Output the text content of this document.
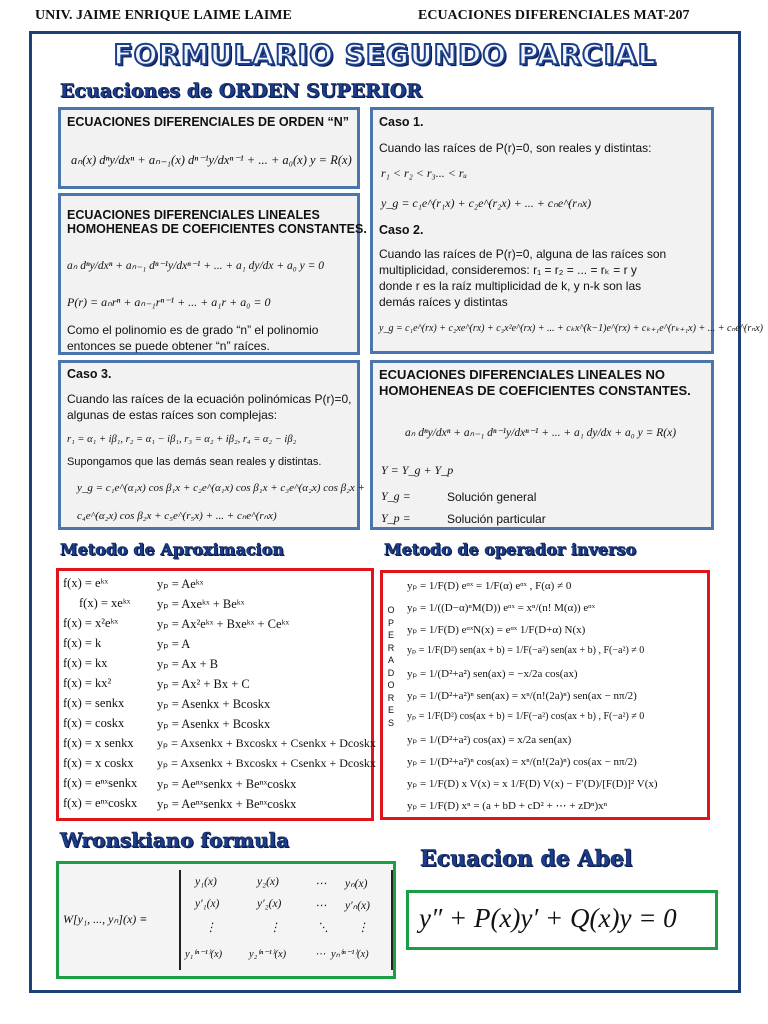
UNIV. JAIME ENRIQUE LAIME LAIME	ECUACIONES DIFERENCIALES MAT-207
FORMULARIO SEGUNDO PARCIAL
Ecuaciones de ORDEN SUPERIOR
ECUACIONES DIFERENCIALES DE ORDEN “N”
aₙ(x) dⁿy/dxⁿ + aₙ₋₁(x) dⁿ⁻¹y/dxⁿ⁻¹ + ... + a₀(x) y = R(x)
ECUACIONES DIFERENCIALES LINEALES
HOMOHENEAS DE COEFICIENTES CONSTANTES.
aₙ dⁿy/dxⁿ + aₙ₋₁ dⁿ⁻¹y/dxⁿ⁻¹ + ... + a₁ dy/dx + a₀ y = 0
P(r) = aₙrⁿ + aₙ₋₁rⁿ⁻¹ + ... + a₁r + a₀ = 0
Como el polinomio es de grado “n” el polinomio
entonces se puede obtener “n” raíces.
Caso 1.
Cuando las raíces de P(r)=0, son reales y distintas:
r₁ < r₂ < r₃... < rᵤ
y_g = c₁e^(r₁x) + c₂e^(r₂x) + ... + cₙe^(rₙx)
Caso 2.
Cuando las raíces de P(r)=0, alguna de las raíces son
multiplicidad, consideremos: r₁ = r₂ = ... = rₖ = r y
donde r es la raíz multiplicidad de k, y n-k son las
demás raíces y distintas
y_g = c₁e^(rx) + c₂xe^(rx) + c₃x²e^(rx) + ... + cₖx^(k−1)e^(rx) + cₖ₊₁e^(rₖ₊₁x) + ... + cₙe^(rₙx)
Caso 3.
Cuando las raíces de la ecuación polinómicas P(r)=0,
algunas de estas raíces son complejas:
r₁ = α₁ + iβ₁, r₂ = α₁ − iβ₁, r₃ = α₂ + iβ₂, r₄ = α₂ − iβ₂
Supongamos que las demás sean reales y distintas.
y_g = c₁e^(α₁x) cos β₁x + c₂e^(α₁x) cos β₁x + c₃e^(α₂x) cos β₂x +
c₄e^(α₂x) cos β₂x + c₅e^(r₅x) + ... + cₙe^(rₙx)
ECUACIONES DIFERENCIALES LINEALES NO
HOMOHENEAS DE COEFICIENTES CONSTANTES.
aₙ dⁿy/dxⁿ + aₙ₋₁ dⁿ⁻¹y/dxⁿ⁻¹ + ... + a₁ dy/dx + a₀ y = R(x)
Y = Y_g + Y_p
Y_g =	Solución general
Y_p =	Solución particular
Metodo de Aproximacion	Metodo de operador inverso
f(x) = eᵏˣ	yₚ = Aeᵏˣ
f(x) = xeᵏˣ yₚ = Axeᵏˣ + Beᵏˣ
f(x) = x²eᵏˣ	yₚ = Ax²eᵏˣ + Bxeᵏˣ + Ceᵏˣ
f(x) = k	yₚ = A
f(x) = kx	yₚ = Ax + B
f(x) = kx²	yₚ = Ax² + Bx + C
f(x) = senkx	yₚ = Asenkx + Bcoskx
f(x) = coskx	yₚ = Asenkx + Bcoskx
f(x) = x senkx yₚ = Axsenkx + Bxcoskx + Csenkx + Dcoskx
f(x) = x coskx yₚ = Axsenkx + Bxcoskx + Csenkx + Dcoskx
f(x) = eⁿˣsenkx yₚ = Aeⁿˣsenkx + Beⁿˣcoskx
f(x) = eⁿˣcoskx yₚ = Aeⁿˣsenkx + Beⁿˣcoskx
O
P
E
R
A
D
O
R
E
S
yₚ = 1/F(D) eᵅˣ = 1/F(α) eᵅˣ , F(α) ≠ 0
yₚ = 1/((D−α)ⁿM(D)) eᵅˣ = xⁿ/(n! M(α)) eᵅˣ
yₚ = 1/F(D) eᵅˣN(x) = eᵅˣ 1/F(D+α) N(x)
yₚ = 1/F(D²) sen(ax + b) = 1/F(−a²) sen(ax + b) , F(−a²) ≠ 0
yₚ = 1/(D²+a²) sen(ax) = −x/2a cos(ax)
yₚ = 1/(D²+a²)ⁿ sen(ax) = xⁿ/(n!(2a)ⁿ) sen(ax − nπ/2)
yₚ = 1/F(D²) cos(ax + b) = 1/F(−a²) cos(ax + b) , F(−a²) ≠ 0
yₚ = 1/(D²+a²) cos(ax) = x/2a sen(ax)
yₚ = 1/(D²+a²)ⁿ cos(ax) = xⁿ/(n!(2a)ⁿ) cos(ax − nπ/2)
yₚ = 1/F(D) x V(x) = x 1/F(D) V(x) − F′(D)/[F(D)]² V(x)
yₚ = 1/F(D) xⁿ = (a + bD + cD² + ⋯ + zDⁿ)xⁿ
Wronskiano formula
W[y₁, ..., yₙ](x) ≡
y₁(x)	y₂(x)	⋯ yₙ(x)
y′₁(x)	y′₂(x)	⋯ y′ₙ(x)
⋮	⋮	⋱ ⋮
y₁⁽ⁿ⁻¹⁾(x)	y₂⁽ⁿ⁻¹⁾(x)	⋯ yₙ⁽ⁿ⁻¹⁾(x)
Ecuacion de Abel
y″ + P(x)y′ + Q(x)y = 0
